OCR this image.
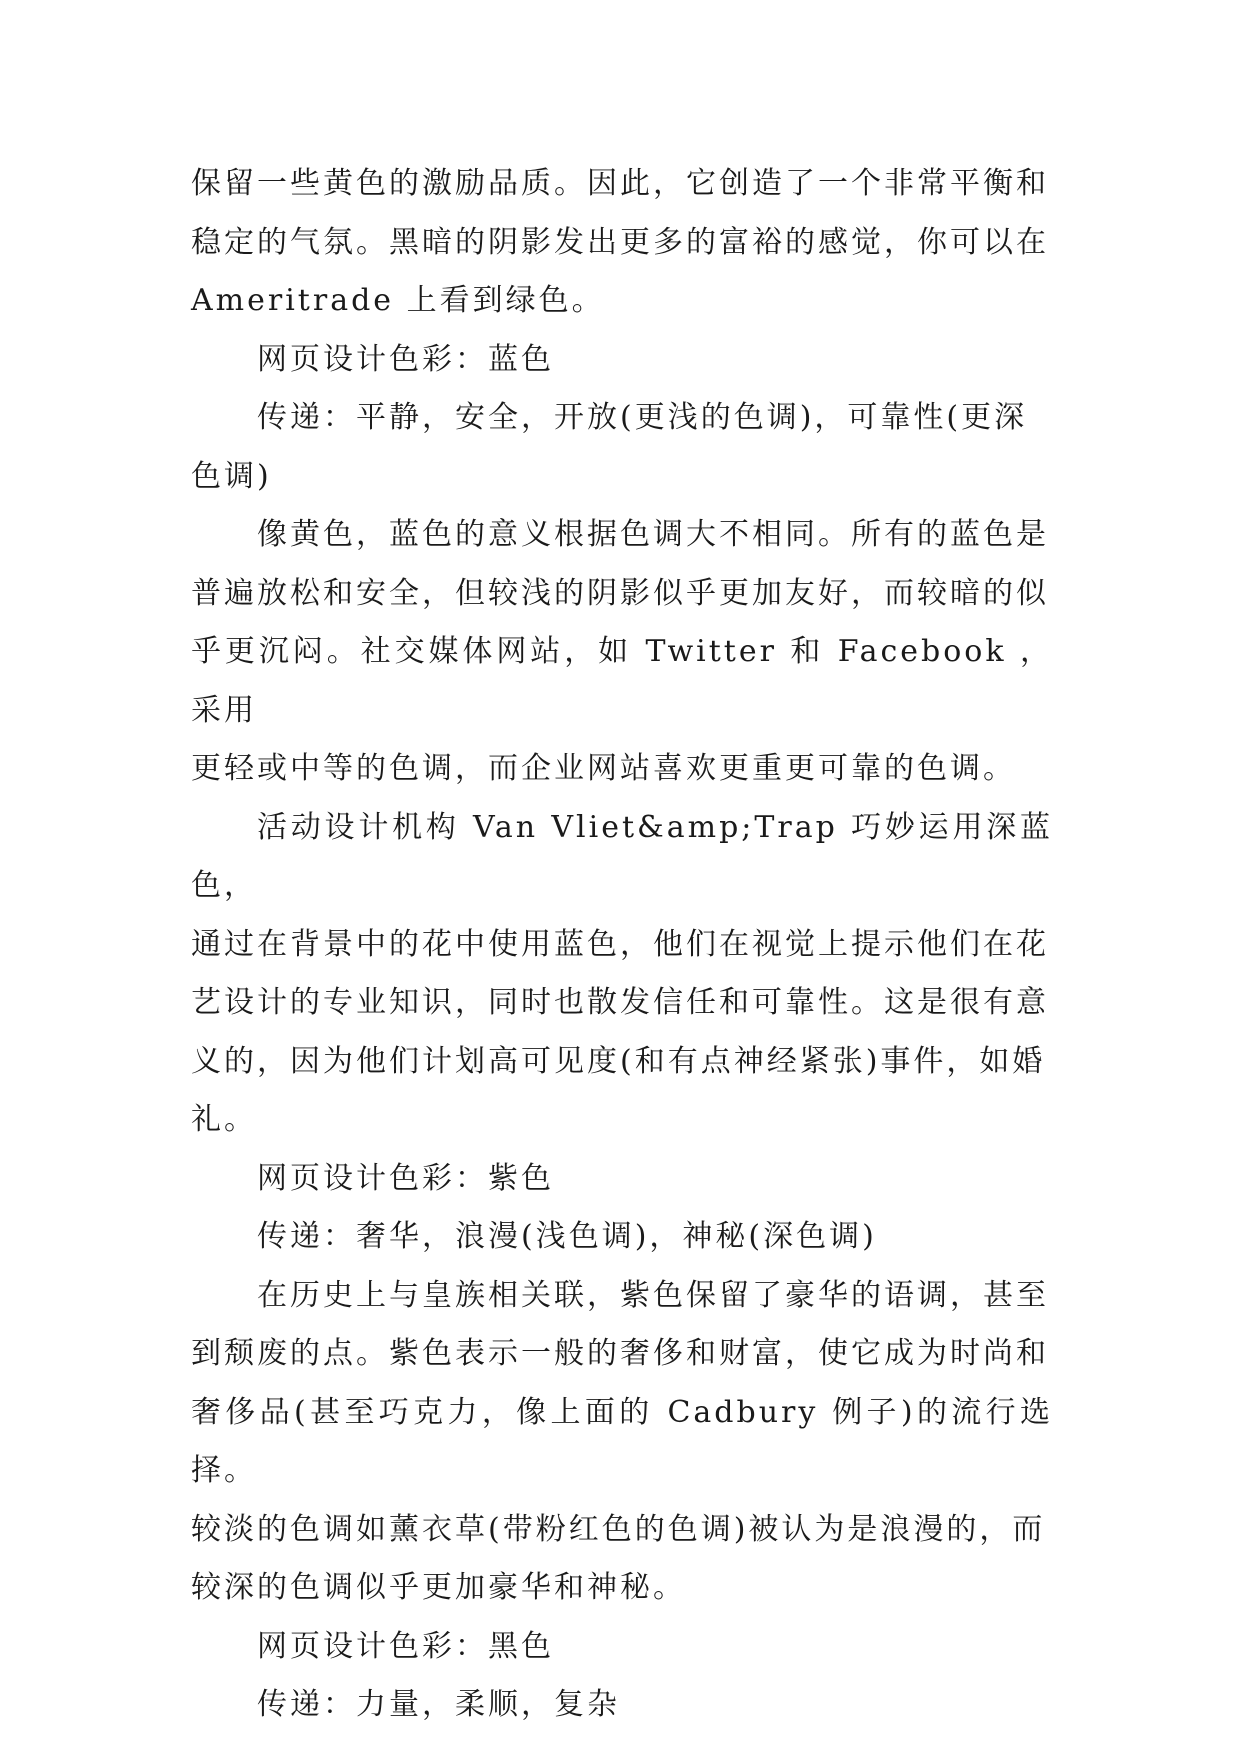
保留一些黄色的激励品质。因此，它创造了一个非常平衡和
稳定的气氛。黑暗的阴影发出更多的富裕的感觉，你可以在
Ameritrade 上看到绿色。

网页设计色彩：蓝色

传递：平静，安全，开放(更浅的色调)，可靠性(更深
色调)

像黄色，蓝色的意义根据色调大不相同。所有的蓝色是
普遍放松和安全，但较浅的阴影似乎更加友好，而较暗的似
乎更沉闷。社交媒体网站，如 Twitter 和 Facebook ，采用
更轻或中等的色调，而企业网站喜欢更重更可靠的色调。

活动设计机构 Van Vliet&amp;Trap 巧妙运用深蓝色，
通过在背景中的花中使用蓝色，他们在视觉上提示他们在花
艺设计的专业知识，同时也散发信任和可靠性。这是很有意
义的，因为他们计划高可见度(和有点神经紧张)事件，如婚
礼。

网页设计色彩：紫色

传递：奢华，浪漫(浅色调)，神秘(深色调)

在历史上与皇族相关联，紫色保留了豪华的语调，甚至
到颓废的点。紫色表示一般的奢侈和财富，使它成为时尚和
奢侈品(甚至巧克力，像上面的 Cadbury 例子)的流行选择。
较淡的色调如薰衣草(带粉红色的色调)被认为是浪漫的，而
较深的色调似乎更加豪华和神秘。

网页设计色彩：黑色

传递：力量，柔顺，复杂
